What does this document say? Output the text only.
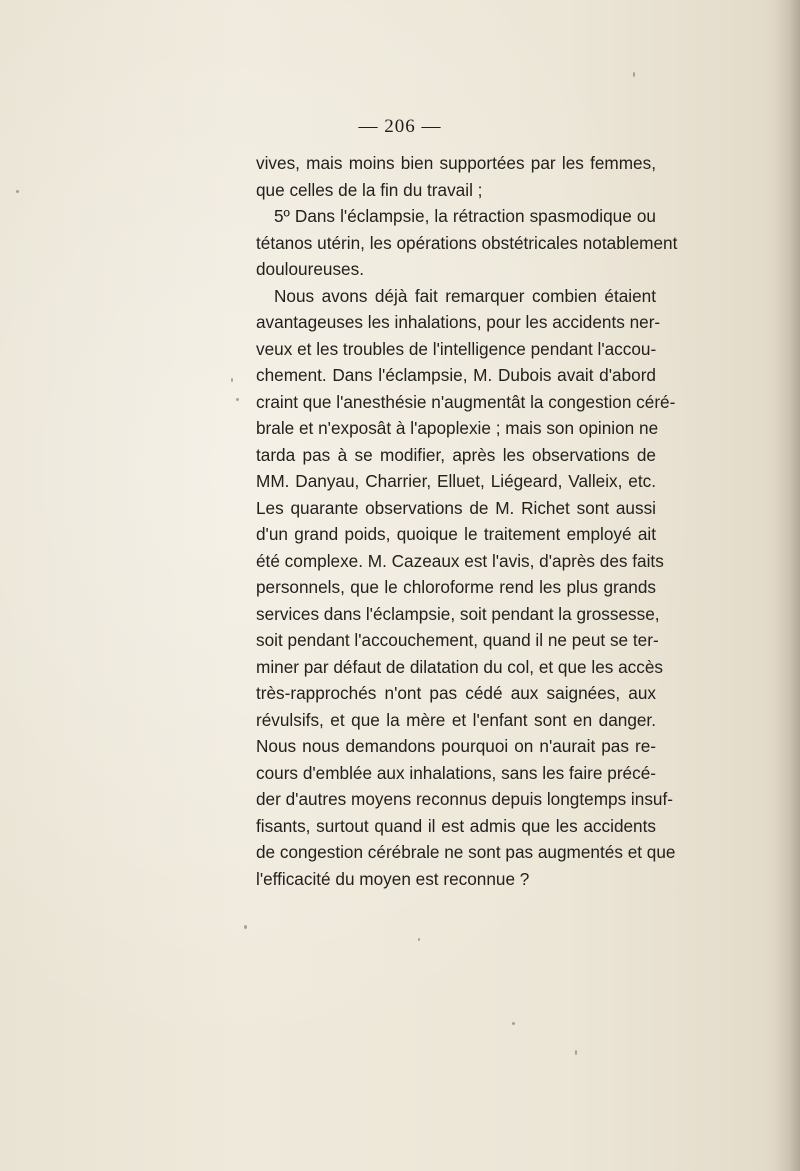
— 206 —
vives, mais moins bien supportées par les femmes,
que celles de la fin du travail ;
5º Dans l'éclampsie, la rétraction spasmodique ou
tétanos utérin, les opérations obstétricales notablement
douloureuses.
Nous avons déjà fait remarquer combien étaient
avantageuses les inhalations, pour les accidents ner-
veux et les troubles de l'intelligence pendant l'accou-
chement. Dans l'éclampsie, M. Dubois avait d'abord
craint que l'anesthésie n'augmentât la congestion céré-
brale et n'exposât à l'apoplexie ; mais son opinion ne
tarda pas à se modifier, après les observations de
MM. Danyau, Charrier, Elluet, Liégeard, Valleix, etc.
Les quarante observations de M. Richet sont aussi
d'un grand poids, quoique le traitement employé ait
été complexe. M. Cazeaux est l'avis, d'après des faits
personnels, que le chloroforme rend les plus grands
services dans l'éclampsie, soit pendant la grossesse,
soit pendant l'accouchement, quand il ne peut se ter-
miner par défaut de dilatation du col, et que les accès
très-rapprochés n'ont pas cédé aux saignées, aux
révulsifs, et que la mère et l'enfant sont en danger.
Nous nous demandons pourquoi on n'aurait pas re-
cours d'emblée aux inhalations, sans les faire précé-
der d'autres moyens reconnus depuis longtemps insuf-
fisants, surtout quand il est admis que les accidents
de congestion cérébrale ne sont pas augmentés et que
l'efficacité du moyen est reconnue ?
